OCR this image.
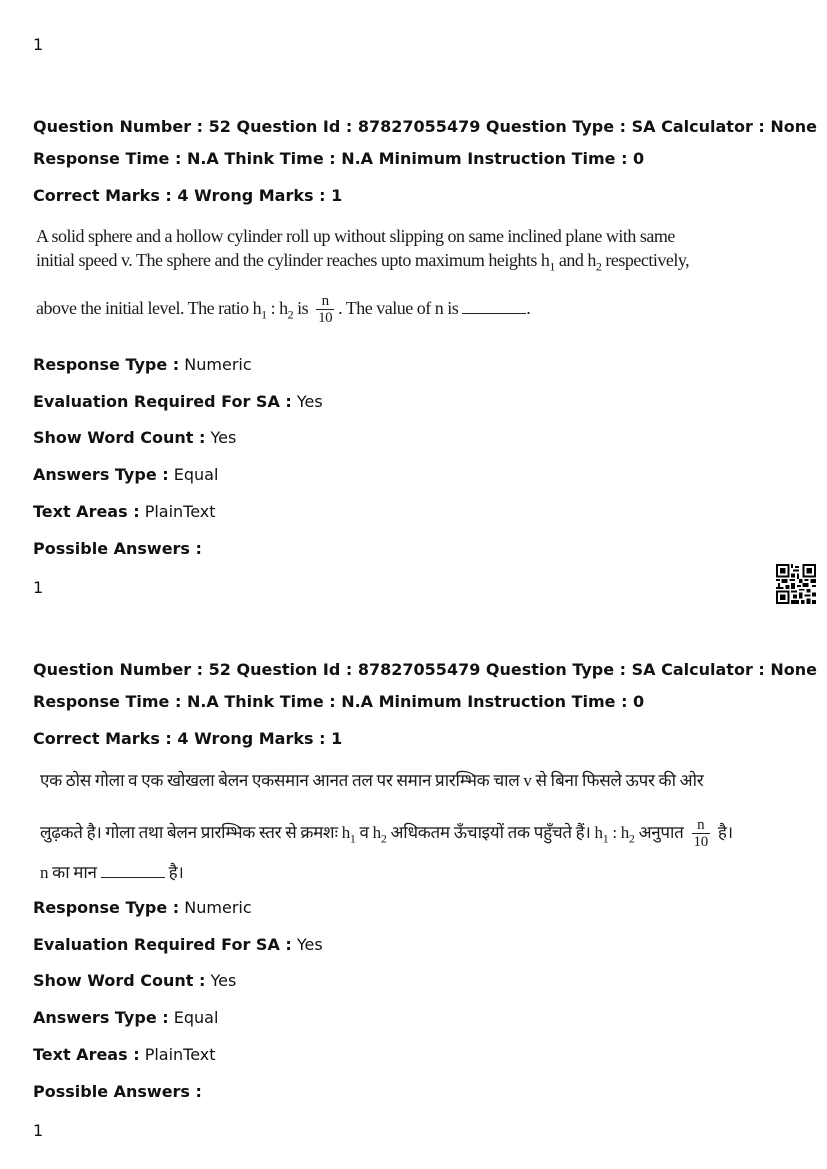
1
Question Number : 52 Question Id : 87827055479 Question Type : SA Calculator : None
Response Time : N.A Think Time : N.A Minimum Instruction Time : 0
Correct Marks : 4 Wrong Marks : 1
A solid sphere and a hollow cylinder roll up without slipping on same inclined plane with same
initial speed v. The sphere and the cylinder reaches upto maximum heights $h_1$ and $h_2$ respectively,
above the initial level. The ratio $h_1$ : $h_2$ is $\frac{n}{10}$ . The value of n is	.
Response Type : Numeric
Evaluation Required For SA : Yes
Show Word Count : Yes
Answers Type : Equal
Text Areas : PlainText
Possible Answers :
1
Question Number : 52 Question Id : 87827055479 Question Type : SA Calculator : None
Response Time : N.A Think Time : N.A Minimum Instruction Time : 0
Correct Marks : 4 Wrong Marks : 1
एक ठोस गोला व एक खोखला बेलन एकसमान आनत तल पर समान प्रारम्भिक चाल v से बिना फिसले ऊपर की ओर
लुढ़कते है। गोला तथा बेलन प्रारम्भिक स्तर से क्रमशः $h_1$ व $h_2$ अधिकतम ऊँचाइयों तक पहुँचते हैं। $h_1$ : $h_2$ अनुपात $\frac{n}{10}$ है।
n का मान	है।
Response Type : Numeric
Evaluation Required For SA : Yes
Show Word Count : Yes
Answers Type : Equal
Text Areas : PlainText
Possible Answers :
1
